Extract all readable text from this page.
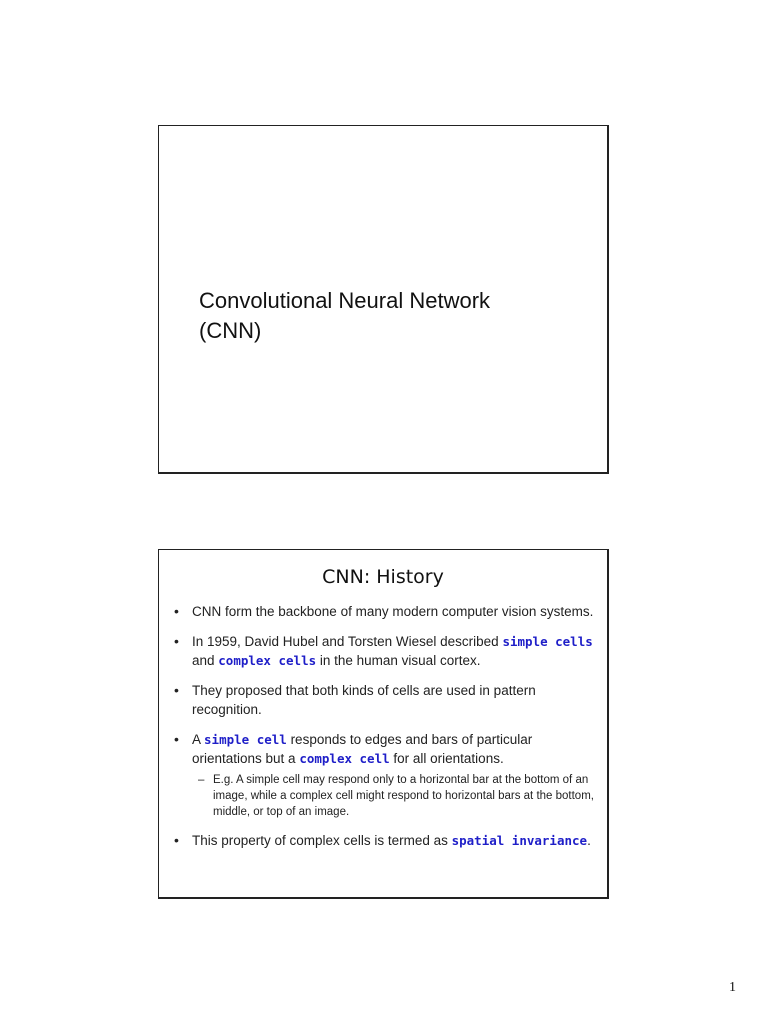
Convolutional Neural Network
(CNN)
CNN: History
• CNN form the backbone of many modern computer vision systems.
• In 1959, David Hubel and Torsten Wiesel described simple cells and complex cells in the human visual cortex.
• They proposed that both kinds of cells are used in pattern recognition.
• A simple cell responds to edges and bars of particular orientations but a complex cell for all orientations.
– E.g. A simple cell may respond only to a horizontal bar at the bottom of an image, while a complex cell might respond to horizontal bars at the bottom, middle, or top of an image.
• This property of complex cells is termed as spatial invariance.
1
